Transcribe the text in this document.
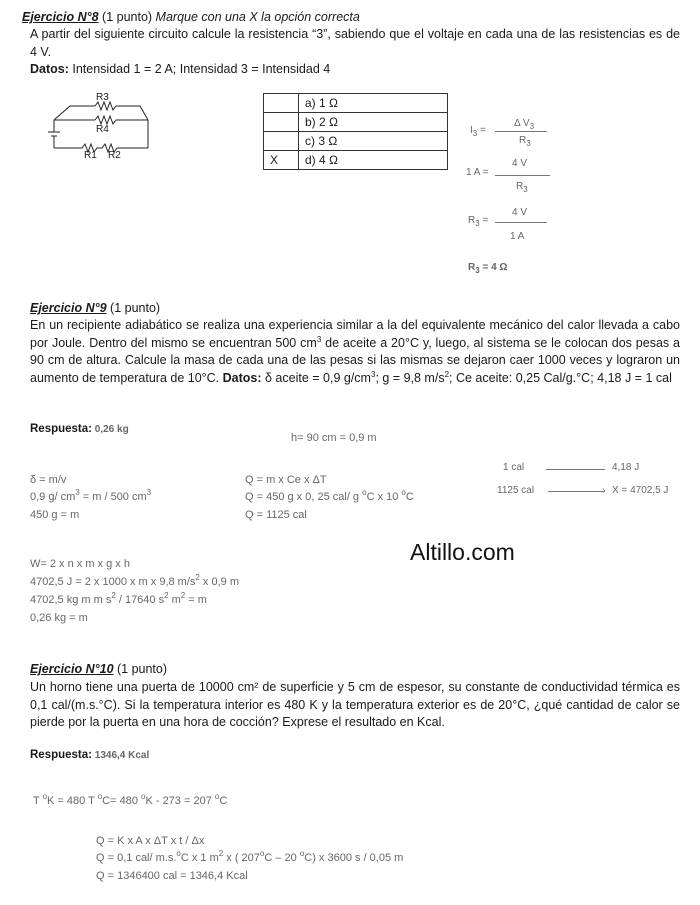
Ejercicio N°8 (1 punto) Marque con una X la opción correcta
A partir del siguiente circuito calcule la resistencia “3”, sabiendo que el voltaje en cada una de las resistencias es de 4 V.
Datos: Intensidad 1 = 2 A; Intensidad 3 = Intensidad 4
R3
R4
R1 R2
	a) 1 Ω
	b) 2 Ω
	c) 3 Ω
X	d) 4 Ω
$I_3$ =
Δ $V_3$
$R_3$
1 A =
4 V
$R_3$
$R_3$ =
4 V
1 A
$R_3 = 4$ Ω
Ejercicio N°9 (1 punto)
En un recipiente adiabático se realiza una experiencia similar a la del equivalente mecánico del calor llevada a cabo por Joule. Dentro del mismo se encuentran 500 $cm^3$ de aceite a 20°C y, luego, al sistema se le colocan dos pesas a 90 cm de altura. Calcule la masa de cada una de las pesas si las mismas se dejaron caer 1000 veces y lograron un aumento de temperatura de 10°C. Datos: δ aceite = 0,9 $g/cm^3$; g = 9,8 $m/s^2$; Ce aceite: 0,25 Cal/g.°C; 4,18 J = 1 cal
Respuesta: 0,26 kg
h= 90 cm = 0,9 m
δ = m/v
0,9 g/ $cm^3 = m / 500$ $cm^3$
450 g = m
Q = m x Ce x ΔT
Q = 450 g x 0, 25 cal/ g $^o$C x 10 $^o$C
Q = 1125 cal
1 cal	4,18 J
1125 cal	› X = 4702,5 J
Altillo.com
W= 2 x n x m x g x h
4702,5 J = 2 x 1000 x m x 9,8 $m/s^2$ x 0,9 m
4702,5 kg m m $s^2 / 17640$ $s^2$ $m^2 = m$
0,26 kg = m
Ejercicio N°10 (1 punto)
Un horno tiene una puerta de 10000 cm² de superficie y 5 cm de espesor, su constante de conductividad térmica es 0,1 cal/(m.s.°C). Si la temperatura interior es 480 K y la temperatura exterior es de 20°C, ¿qué cantidad de calor se pierde por la puerta en una hora de cocción? Exprese el resultado en Kcal.
Respuesta: 1346,4 Kcal
T $^o$K = 480 T $^o$C= 480 $^o$K - 273 = 207 $^o$C
Q = K x A x ΔT x t / Δx
Q = 0,1 cal/ m.s.$^o$C x 1 $m^2$ x ( 207$^o$C – 20 $^o$C) x 3600 s / 0,05 m
Q = 1346400 cal = 1346,4 Kcal
